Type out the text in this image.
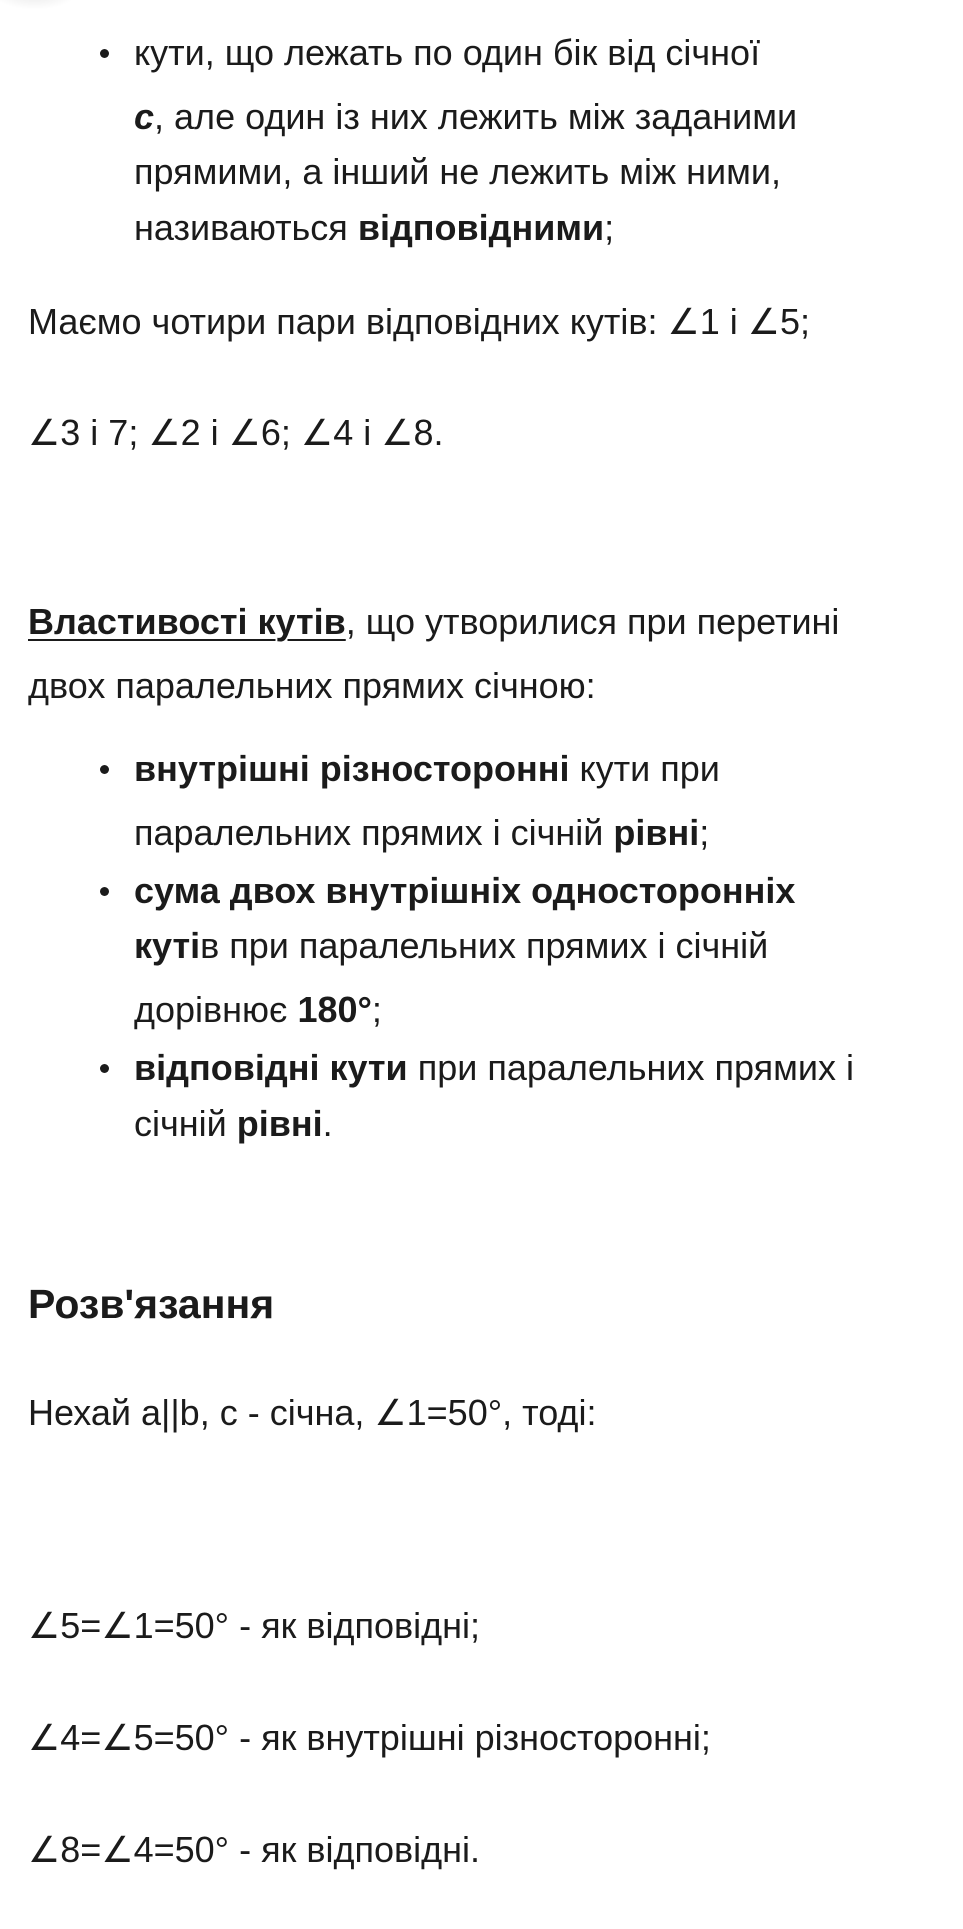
кути, що лежать по один бік від січної

c, але один із них лежить між заданими

прямими, а інший не лежить між ними,

називаються відповідними;

Маємо чотири пари відповідних кутів: ∠1 і ∠5;

∠3 і 7; ∠2 і ∠6; ∠4 і ∠8.

Властивості кутів, що утворилися при перетині

двох паралельних прямих січною:

внутрішні різносторонні кути при

паралельних прямих і січній рівні;

сума двох внутрішніх односторонніх

кутів при паралельних прямих і січній

дорівнює 180°;

відповідні кути при паралельних прямих і

січній рівні.

Розв'язання

Нехай a||b, c - січна, ∠1=50°, тоді:

∠5=∠1=50° - як відповідні;

∠4=∠5=50° - як внутрішні різносторонні;

∠8=∠4=50° - як відповідні.
